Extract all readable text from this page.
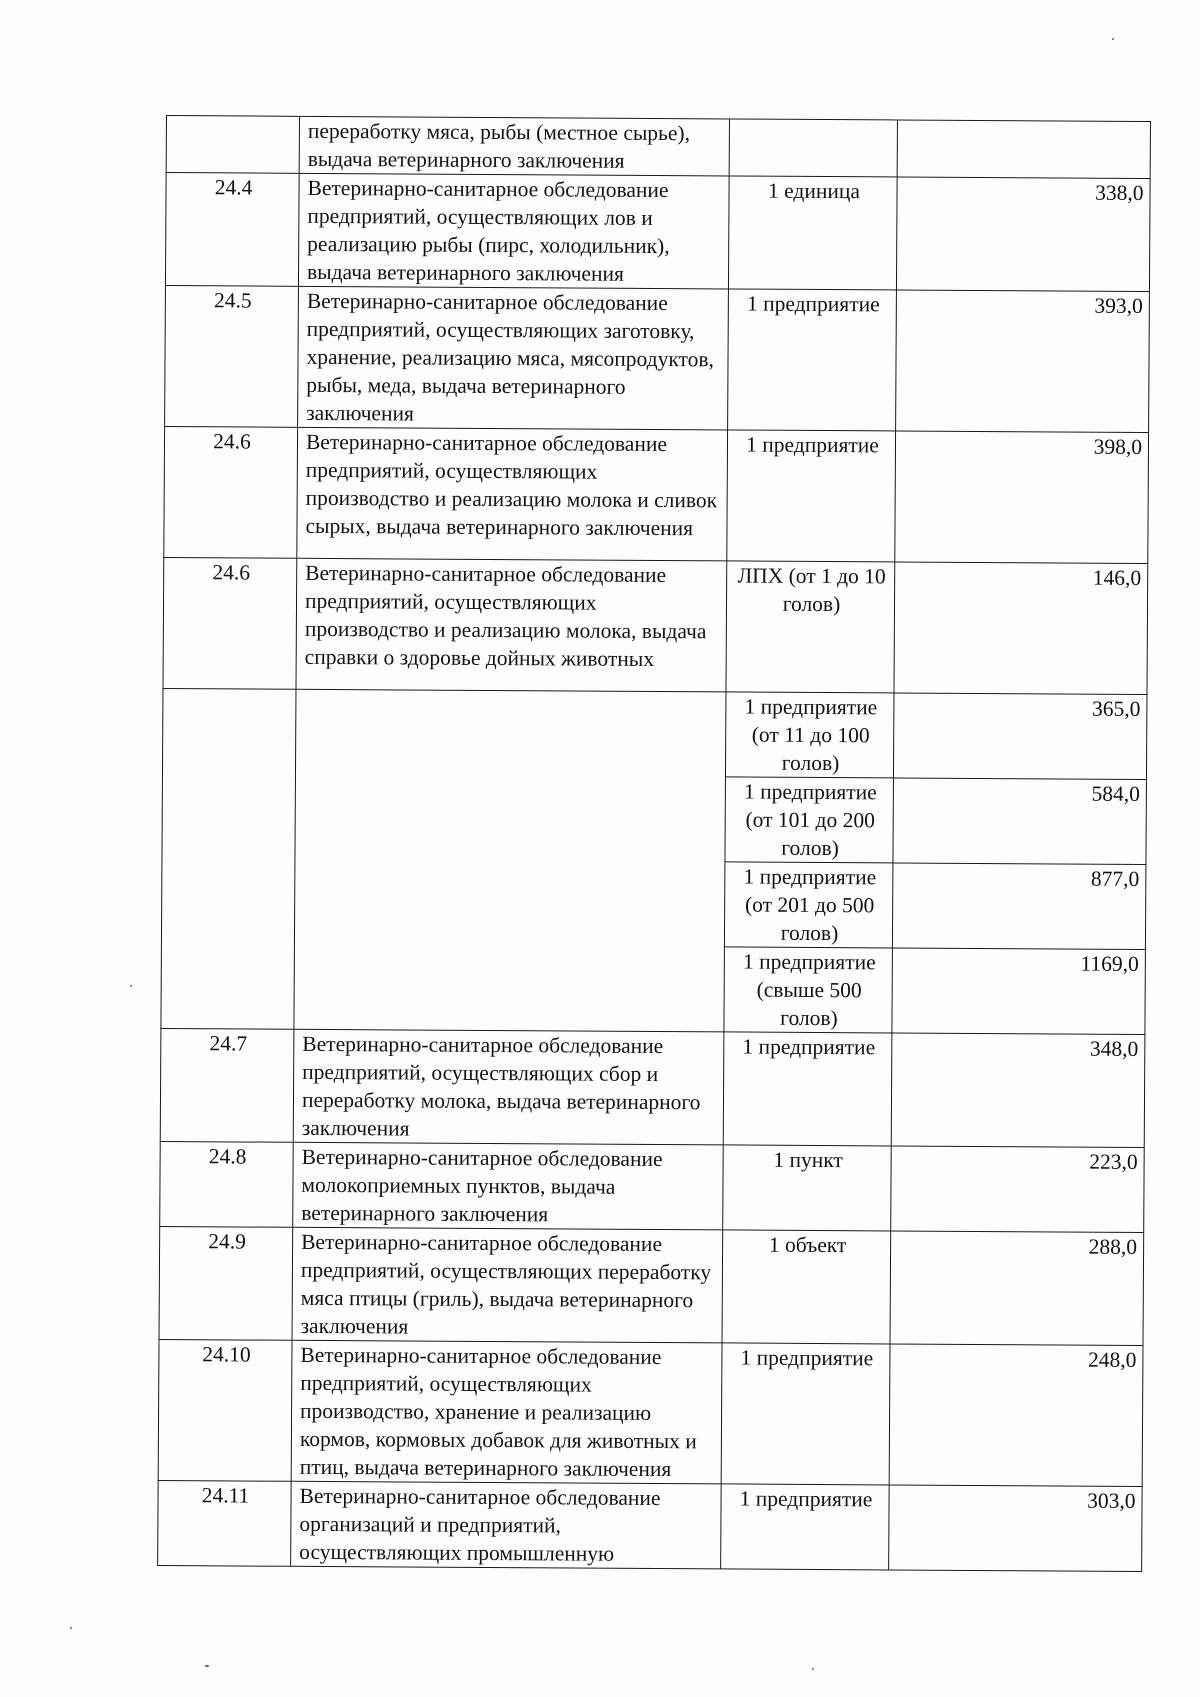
	переработку мяса, рыбы (местное сырье), выдача ветеринарного заключения		
24.4	Ветеринарно-санитарное обследование предприятий, осуществляющих лов и реализацию рыбы (пирс, холодильник), выдача ветеринарного заключения	1 единица	338,0
24.5	Ветеринарно-санитарное обследование предприятий, осуществляющих заготовку, хранение, реализацию мяса, мясопродуктов, рыбы, меда, выдача ветеринарного заключения	1 предприятие	393,0
24.6	Ветеринарно-санитарное обследование предприятий, осуществляющих производство и реализацию молока и сливок сырых, выдача ветеринарного заключения	1 предприятие	398,0
24.6	Ветеринарно-санитарное обследование предприятий, осуществляющих производство и реализацию молока, выдача справки о здоровье дойных животных	ЛПХ (от 1 до 10 голов)	146,0
		1 предприятие (от 11 до 100 голов)	365,0
		1 предприятие (от 101 до 200 голов)	584,0
		1 предприятие (от 201 до 500 голов)	877,0
		1 предприятие (свыше 500 голов)	1169,0
24.7	Ветеринарно-санитарное обследование предприятий, осуществляющих сбор и переработку молока, выдача ветеринарного заключения	1 предприятие	348,0
24.8	Ветеринарно-санитарное обследование молокоприемных пунктов, выдача ветеринарного заключения	1 пункт	223,0
24.9	Ветеринарно-санитарное обследование предприятий, осуществляющих переработку мяса птицы (гриль), выдача ветеринарного заключения	1 объект	288,0
24.10	Ветеринарно-санитарное обследование предприятий, осуществляющих производство, хранение и реализацию кормов, кормовых добавок для животных и птиц, выдача ветеринарного заключения	1 предприятие	248,0
24.11	Ветеринарно-санитарное обследование организаций и предприятий, осуществляющих промышленную	1 предприятие	303,0
